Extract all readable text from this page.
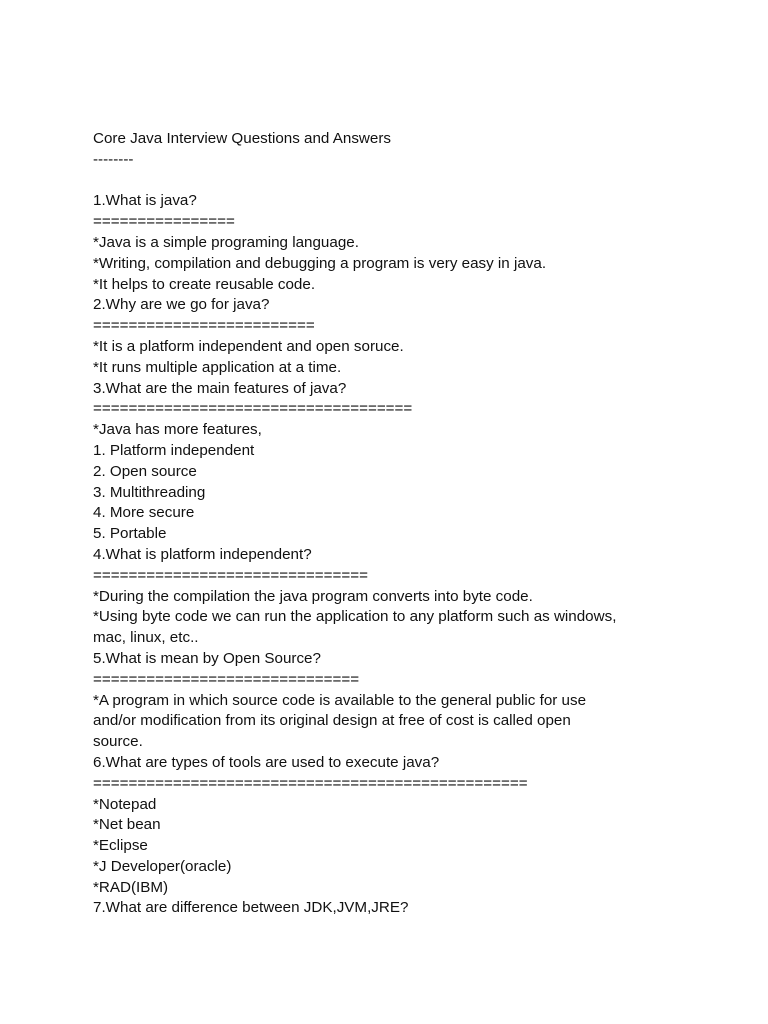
Core Java Interview Questions and Answers
--------
1.What is java?
================
*Java is a simple programing language.
*Writing, compilation and debugging a program is very easy in java.
*It helps to create reusable code.
2.Why are we go for java?
=========================
*It is a platform independent and open soruce.
*It runs multiple application at a time.
3.What are the main features of java?
====================================
*Java has more features,
1. Platform independent
2. Open source
3. Multithreading
4. More secure
5. Portable
4.What is platform independent?
===============================
*During the compilation the java program converts into byte code.
*Using byte code we can run the application to any platform such as windows,
mac, linux, etc..
5.What is mean by Open Source?
==============================
*A program in which source code is available to the general public for use
and/or modification from its original design at free of cost is called open
source.
6.What are types of tools are used to execute java?
=================================================
*Notepad
*Net bean
*Eclipse
*J Developer(oracle)
*RAD(IBM)
7.What are difference between JDK,JVM,JRE?
